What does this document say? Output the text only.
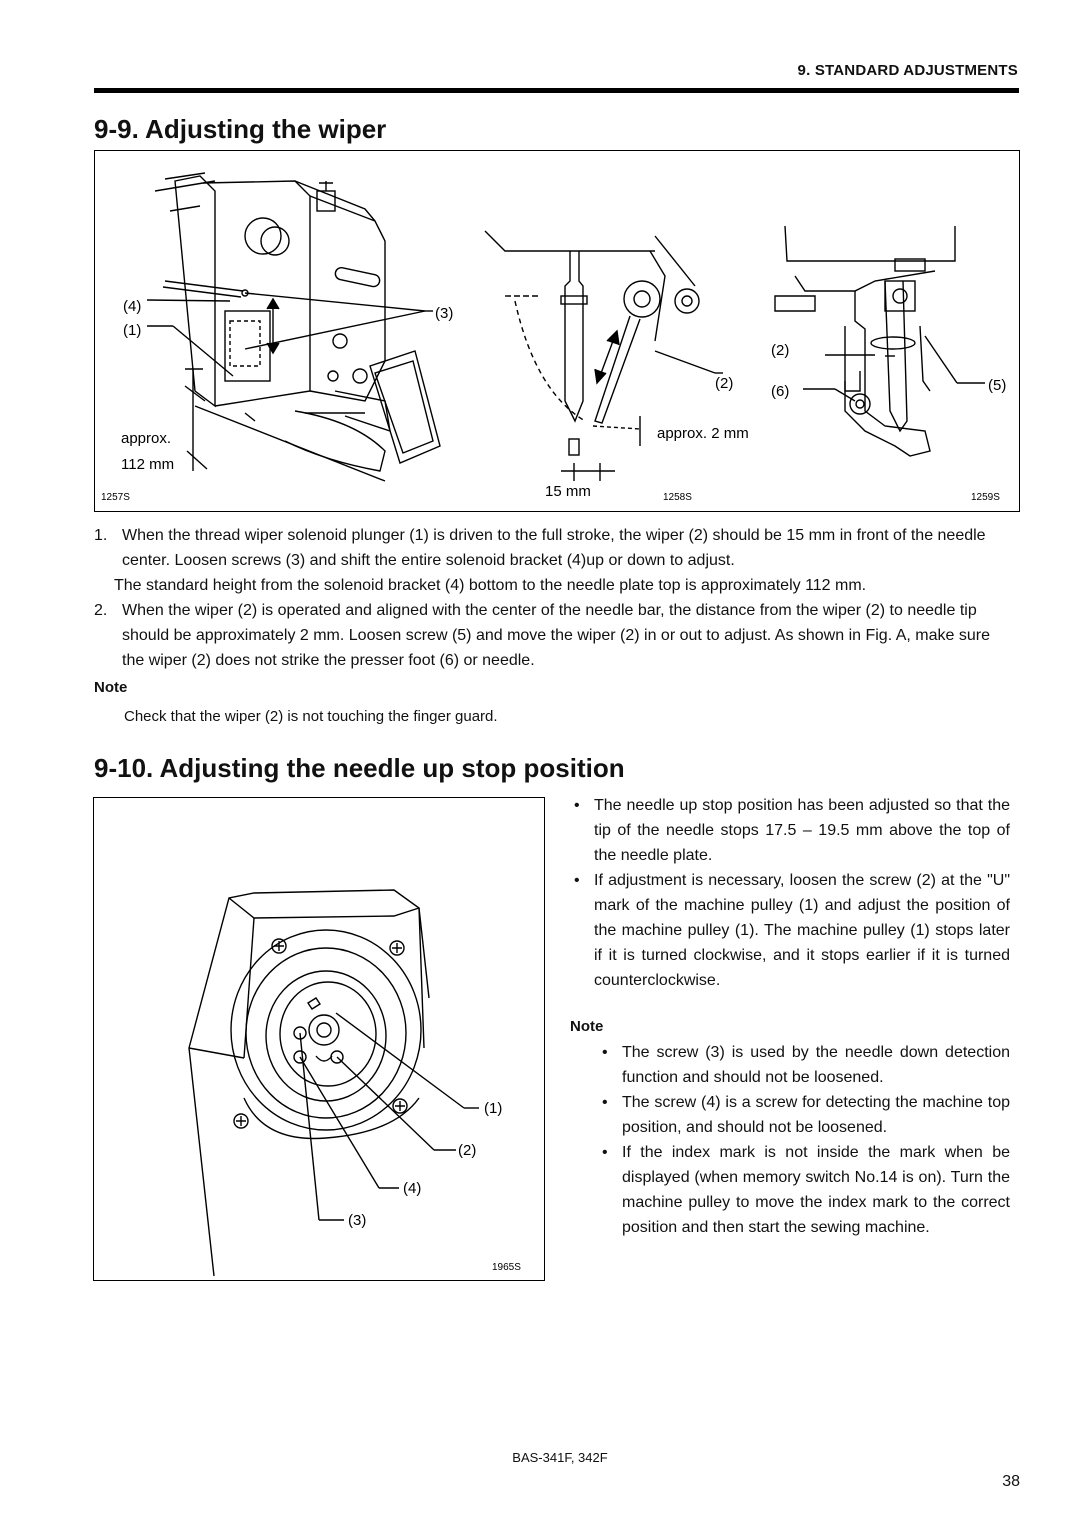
9. STANDARD ADJUSTMENTS
9-9. Adjusting the wiper
(4)
(1)
(3)
approx.
112 mm
(2)
approx. 2 mm
15 mm
(2)
(6)	(5)
1257S	1258S	1259S
1. When the thread wiper solenoid plunger (1) is driven to the full stroke, the wiper (2) should be 15 mm in front of the needle center. Loosen screws (3) and shift the entire solenoid bracket (4)up or down to adjust.
The standard height from the solenoid bracket (4) bottom to the needle plate top is approximately 112 mm.
2. When the wiper (2) is operated and aligned with the center of the needle bar, the distance from the wiper (2) to needle tip should be approximately 2 mm. Loosen screw (5) and move the wiper (2) in or out to adjust. As shown in Fig. A, make sure the wiper (2) does not strike the presser foot (6) or needle.
Note
Check that the wiper (2) is not touching the finger guard.
9-10. Adjusting the needle up stop position
(1)
(2)
(4)
(3)
1965S
• The needle up stop position has been adjusted so that the tip of the needle stops 17.5 – 19.5 mm above the top of the needle plate.
• If adjustment is necessary, loosen the screw (2) at the "U" mark of the machine pulley (1) and adjust the position of the machine pulley (1). The machine pulley (1) stops later if it is turned clockwise, and it stops earlier if it is turned counterclockwise.
Note
• The screw (3) is used by the needle down detection function and should not be loosened.
• The screw (4) is a screw for detecting the machine top position, and should not be loosened.
• If the index mark is not inside the mark when be displayed (when memory switch No.14 is on). Turn the machine pulley to move the index mark to the correct position and then start the sewing machine.
BAS-341F, 342F
38
